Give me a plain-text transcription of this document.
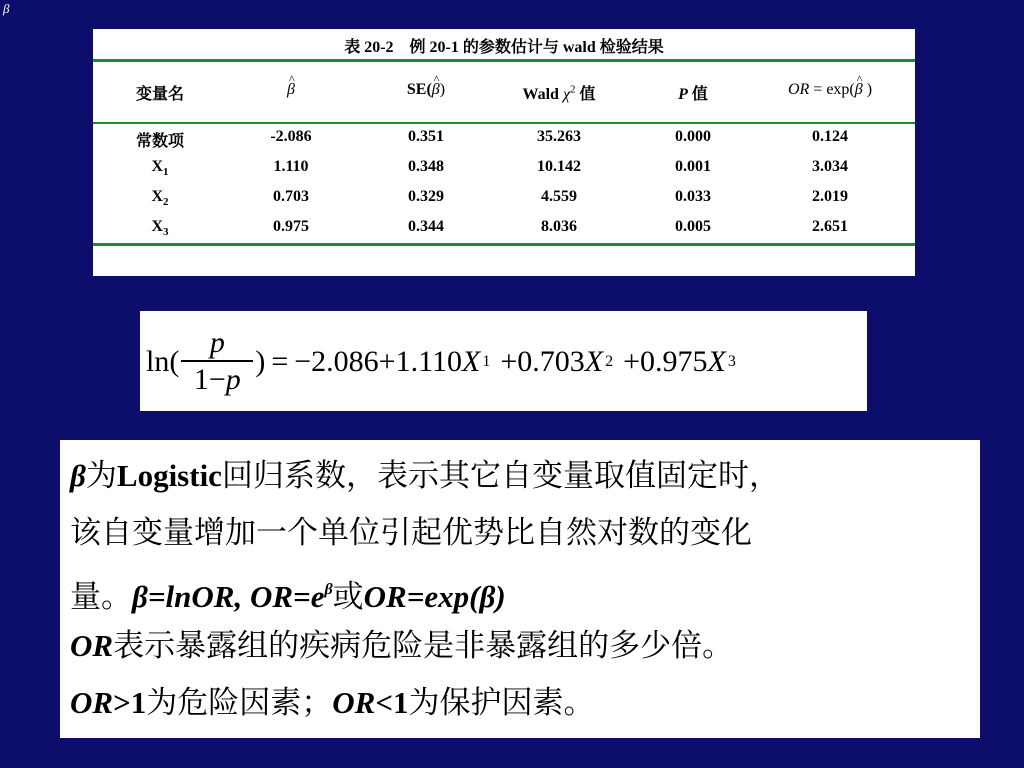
β
表 20-2　例 20-1 的参数估计与 wald 检验结果
变量名
^	β	SE(^ β)	Wald $\chi^2$ 值	P 值	OR = exp(^ β )
常数项	-2.086	0.351	35.263	0.000	0.124
$X_1$	1.110	0.348	10.142	0.001	3.034
$X_2$	0.703	0.329	4.559	0.033	2.019
$X_3$	0.975	0.344	8.036	0.005	2.651
$\ln( \frac{p}{1-p}$ ) = −2.086 + 1.110 X 1 + 0.703 X 2 + 0.975 X 3
β为Logistic回归系数，表示其它自变量取值固定时，
该自变量增加一个单位引起优势比自然对数的变化
量。β=lnOR, $OR=e^\beta$或OR=exp(β)
OR表示暴露组的疾病危险是非暴露组的多少倍。
OR>1为危险因素；OR<1为保护因素。
